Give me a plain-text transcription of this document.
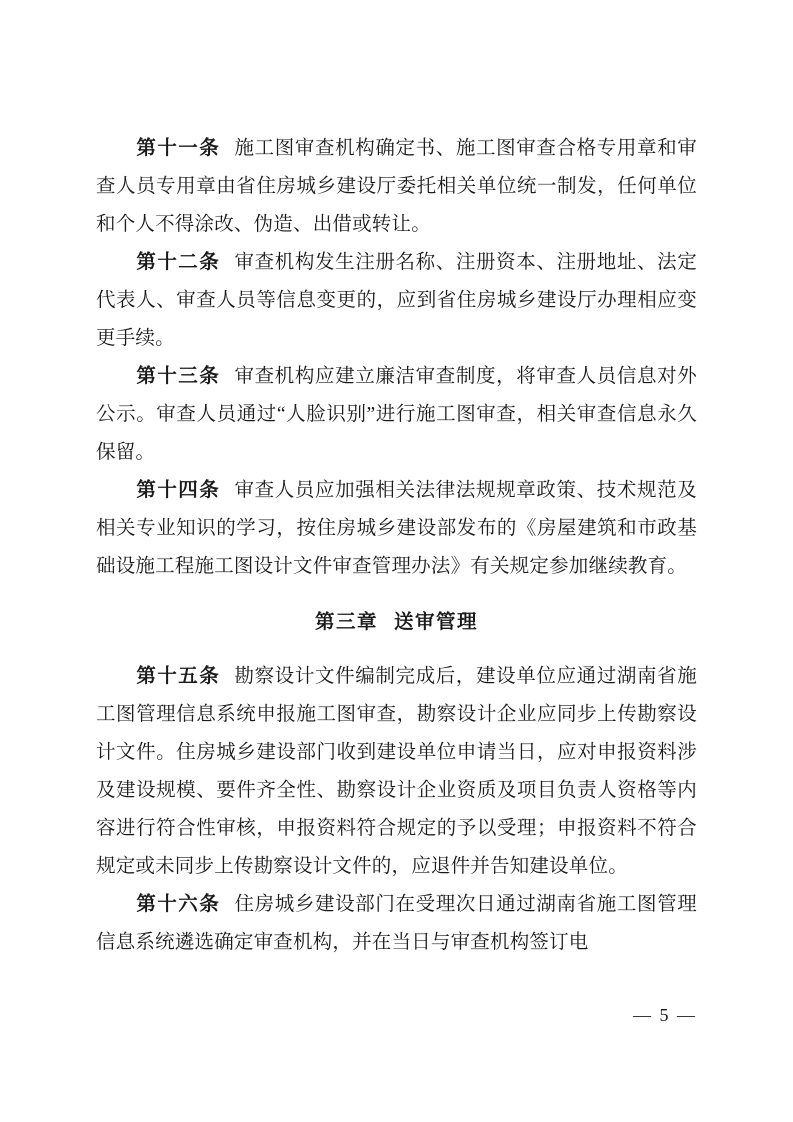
第十一条 施工图审查机构确定书、施工图审查合格专用章和审查人员专用章由省住房城乡建设厅委托相关单位统一制发，任何单位和个人不得涂改、伪造、出借或转让。

第十二条 审查机构发生注册名称、注册资本、注册地址、法定代表人、审查人员等信息变更的，应到省住房城乡建设厅办理相应变更手续。

第十三条 审查机构应建立廉洁审查制度，将审查人员信息对外公示。审查人员通过“人脸识别”进行施工图审查，相关审查信息永久保留。

第十四条 审查人员应加强相关法律法规规章政策、技术规范及相关专业知识的学习，按住房城乡建设部发布的《房屋建筑和市政基础设施工程施工图设计文件审查管理办法》有关规定参加继续教育。

第三章 送审管理

第十五条 勘察设计文件编制完成后，建设单位应通过湖南省施工图管理信息系统申报施工图审查，勘察设计企业应同步上传勘察设计文件。住房城乡建设部门收到建设单位申请当日，应对申报资料涉及建设规模、要件齐全性、勘察设计企业资质及项目负责人资格等内容进行符合性审核，申报资料符合规定的予以受理；申报资料不符合规定或未同步上传勘察设计文件的，应退件并告知建设单位。

第十六条 住房城乡建设部门在受理次日通过湖南省施工图管理信息系统遴选确定审查机构，并在当日与审查机构签订电

— 5 —
